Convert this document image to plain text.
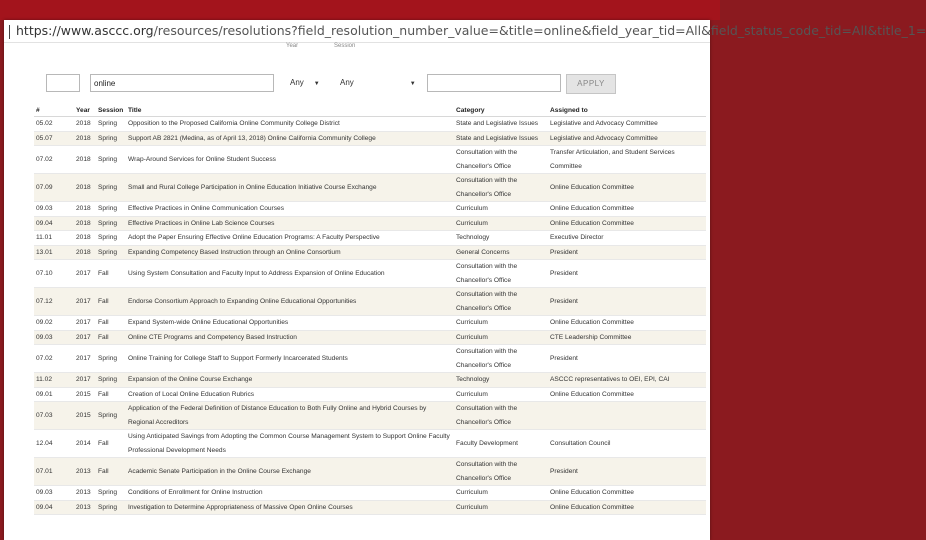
https://www.asccc.org/resources/resolutions?field_resolution_number_value=&title=online&field_year_tid=All&field_status_code_tid=All&title_1=
Year	Session
online	Any ▼	Any	▼	APPLY
#	Year	Session	Title	Category	Assigned to
05.02	2018	Spring	Opposition to the Proposed California Online Community College District	State and Legislative Issues	Legislative and Advocacy Committee
05.07	2018	Spring	Support AB 2821 (Medina, as of April 13, 2018) Online California Community College	State and Legislative Issues	Legislative and Advocacy Committee
07.02	2018	Spring	Wrap-Around Services for Online Student Success	Consultation with the Chancellor's Office	Transfer Articulation, and Student Services Committee
07.09	2018	Spring	Small and Rural College Participation in Online Education Initiative Course Exchange	Consultation with the Chancellor's Office	Online Education Committee
09.03	2018	Spring	Effective Practices in Online Communication Courses	Curriculum	Online Education Committee
09.04	2018	Spring	Effective Practices in Online Lab Science Courses	Curriculum	Online Education Committee
11.01	2018	Spring	Adopt the Paper Ensuring Effective Online Education Programs: A Faculty Perspective	Technology	Executive Director
13.01	2018	Spring	Expanding Competency Based Instruction through an Online Consortium	General Concerns	President
07.10	2017	Fall	Using System Consultation and Faculty Input to Address Expansion of Online Education	Consultation with the Chancellor's Office	President
07.12	2017	Fall	Endorse Consortium Approach to Expanding Online Educational Opportunities	Consultation with the Chancellor's Office	President
09.02	2017	Fall	Expand System-wide Online Educational Opportunities	Curriculum	Online Education Committee
09.03	2017	Fall	Online CTE Programs and Competency Based Instruction	Curriculum	CTE Leadership Committee
07.02	2017	Spring	Online Training for College Staff to Support Formerly Incarcerated Students	Consultation with the Chancellor's Office	President
11.02	2017	Spring	Expansion of the Online Course Exchange	Technology	ASCCC representatives to OEI, EPI, CAI
09.01	2015	Fall	Creation of Local Online Education Rubrics	Curriculum	Online Education Committee
07.03	2015	Spring	Application of the Federal Definition of Distance Education to Both Fully Online and Hybrid Courses by Regional Accreditors	Consultation with the Chancellor's Office	
12.04	2014	Fall	Using Anticipated Savings from Adopting the Common Course Management System to Support Online Faculty Professional Development Needs	Faculty Development	Consultation Council
07.01	2013	Fall	Academic Senate Participation in the Online Course Exchange	Consultation with the Chancellor's Office	President
09.03	2013	Spring	Conditions of Enrollment for Online Instruction	Curriculum	Online Education Committee
09.04	2013	Spring	Investigation to Determine Appropriateness of Massive Open Online Courses	Curriculum	Online Education Committee
